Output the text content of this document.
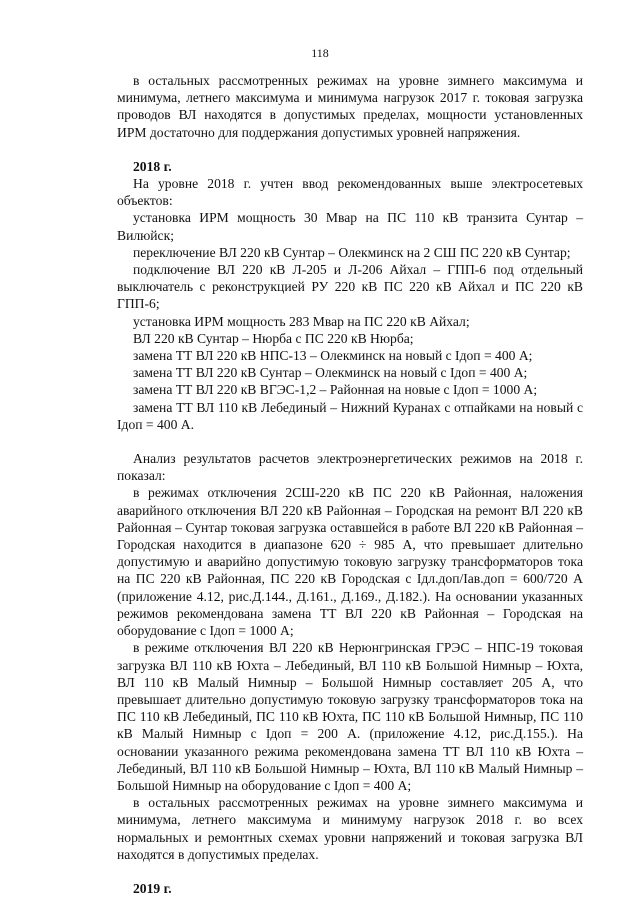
118

в остальных рассмотренных режимах на уровне зимнего максимума и минимума, летнего максимума и минимума нагрузок 2017 г. токовая загрузка проводов ВЛ находятся в допустимых пределах, мощности установленных ИРМ достаточно для поддержания допустимых уровней напряжения.

2018 г.

На уровне 2018 г. учтен ввод рекомендованных выше электросетевых объектов:

установка ИРМ мощность 30 Мвар на ПС 110 кВ транзита Сунтар – Вилюйск;

переключение ВЛ 220 кВ Сунтар – Олекминск на 2 СШ ПС 220 кВ Сунтар;

подключение ВЛ 220 кВ Л-205 и Л-206 Айхал – ГПП-6 под отдельный выключатель с реконструкцией РУ 220 кВ ПС 220 кВ Айхал и ПС 220 кВ ГПП-6;

установка ИРМ мощность 283 Мвар на ПС 220 кВ Айхал;

ВЛ 220 кВ Сунтар – Нюрба с ПС 220 кВ Нюрба;

замена ТТ ВЛ 220 кВ НПС-13 – Олекминск на новый с Iдоп = 400 А;

замена ТТ ВЛ 220 кВ Сунтар – Олекминск на новый с Iдоп = 400 А;

замена ТТ ВЛ 220 кВ ВГЭС-1,2 – Районная на новые с Iдоп = 1000 А;

замена ТТ ВЛ 110 кВ Лебединый – Нижний Куранах с отпайками на новый с Iдоп = 400 А.

Анализ результатов расчетов электроэнергетических режимов на 2018 г. показал:

в режимах отключения 2СШ-220 кВ ПС 220 кВ Районная, наложения аварийного отключения ВЛ 220 кВ Районная – Городская на ремонт ВЛ 220 кВ Районная – Сунтар токовая загрузка оставшейся в работе ВЛ 220 кВ Районная – Городская находится в диапазоне 620 ÷ 985 А, что превышает длительно допустимую и аварийно допустимую токовую загрузку трансформаторов тока на ПС 220 кВ Районная, ПС 220 кВ Городская с Iдл.доп/Iав.доп = 600/720 А (приложение 4.12, рис.Д.144., Д.161., Д.169., Д.182.). На основании указанных режимов рекомендована замена ТТ ВЛ 220 кВ Районная – Городская на оборудование с Iдоп = 1000 А;

в режиме отключения ВЛ 220 кВ Нерюнгринская ГРЭС – НПС-19 токовая загрузка ВЛ 110 кВ Юхта – Лебединый, ВЛ 110 кВ Большой Нимныр – Юхта, ВЛ 110 кВ Малый Нимныр – Большой Нимныр составляет 205 А, что превышает длительно допустимую токовую загрузку трансформаторов тока на ПС 110 кВ Лебединый, ПС 110 кВ Юхта, ПС 110 кВ Большой Нимныр, ПС 110 кВ Малый Нимныр с Iдоп = 200 А. (приложение 4.12, рис.Д.155.). На основании указанного режима рекомендована замена ТТ ВЛ 110 кВ Юхта – Лебединый, ВЛ 110 кВ Большой Нимныр – Юхта, ВЛ 110 кВ Малый Нимныр – Большой Нимныр на оборудование с Iдоп = 400 А;

в остальных рассмотренных режимах на уровне зимнего максимума и минимума, летнего максимума и минимуму нагрузок 2018 г. во всех нормальных и ремонтных схемах уровни напряжений и токовая загрузка ВЛ находятся в допустимых пределах.

2019 г.
